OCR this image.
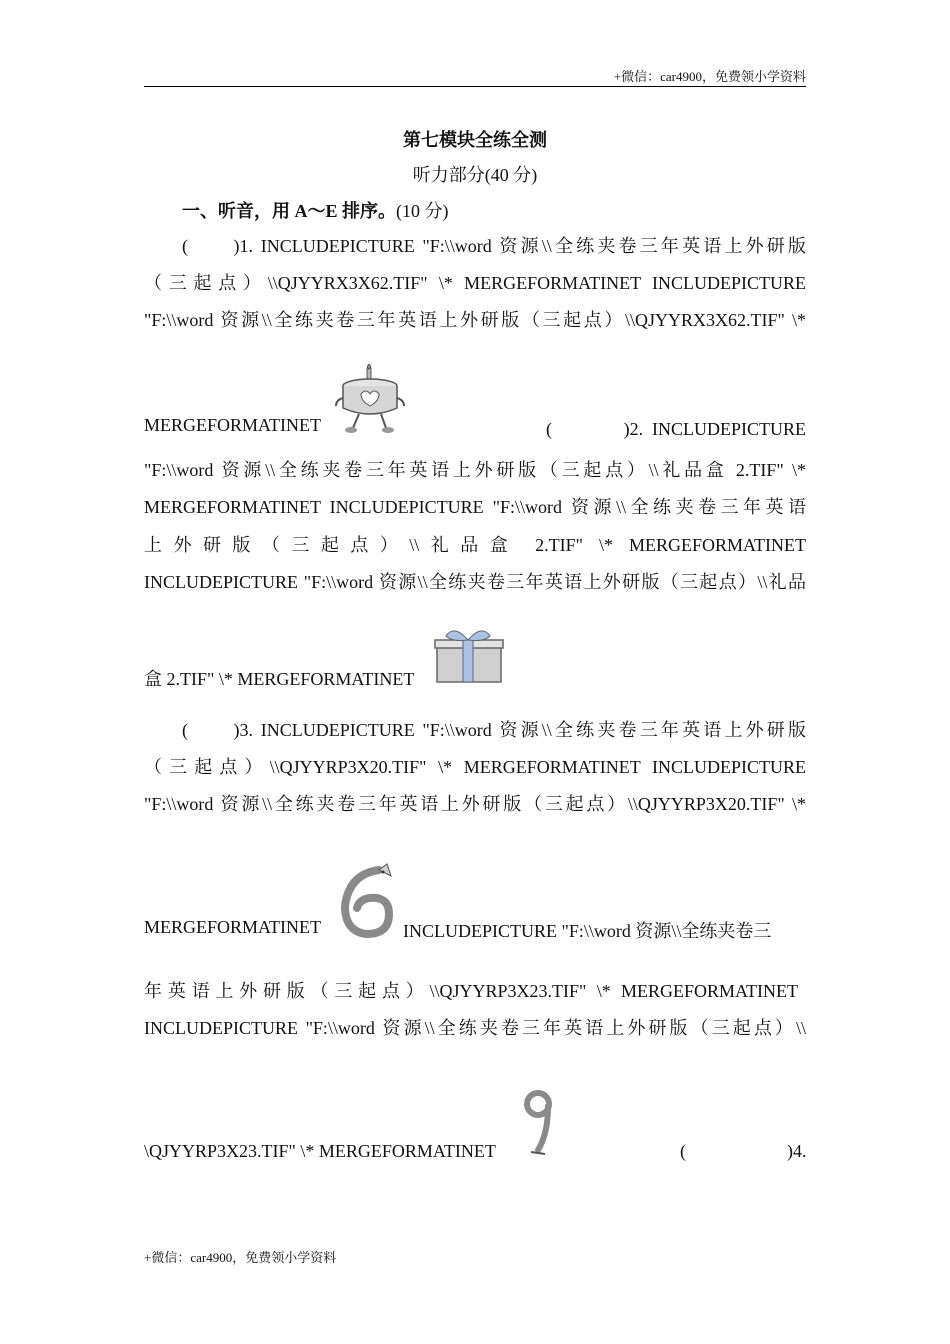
+微信：car4900，免费领小学资料
第七模块全练全测
听力部分(40 分)
一、听音，用 A～E 排序。(10 分)
(　　)1. INCLUDEPICTURE "F:\\word 资源\\全练夹卷三年英语上外研版
（三起点）\\QJYYRX3X62.TIF" \* MERGEFORMATINET INCLUDEPICTURE
"F:\\word 资源\\全练夹卷三年英语上外研版（三起点）\\QJYYRX3X62.TIF" \*
MERGEFORMATINET	(　　　)2. INCLUDEPICTURE
"F:\\word 资源\\全练夹卷三年英语上外研版（三起点）\\礼品盒 2.TIF" \*
MERGEFORMATINET INCLUDEPICTURE "F:\\word 资源\\全练夹卷三年英语
上外研版（三起点）\\礼品盒 2.TIF" \* MERGEFORMATINET
INCLUDEPICTURE "F:\\word 资源\\全练夹卷三年英语上外研版（三起点）\\礼品
盒 2.TIF" \* MERGEFORMATINET
(　　)3. INCLUDEPICTURE "F:\\word 资源\\全练夹卷三年英语上外研版
（三起点）\\QJYYRP3X20.TIF" \* MERGEFORMATINET INCLUDEPICTURE
"F:\\word 资源\\全练夹卷三年英语上外研版（三起点）\\QJYYRP3X20.TIF" \*
MERGEFORMATINET	INCLUDEPICTURE "F:\\word 资源\\全练夹卷三
年英语上外研版（三起点）\\QJYYRP3X23.TIF" \* MERGEFORMATINET
INCLUDEPICTURE "F:\\word 资源\\全练夹卷三年英语上外研版（三起点）\\
\QJYYRP3X23.TIF" \* MERGEFORMATINET	(	)4.
+微信：car4900，免费领小学资料
